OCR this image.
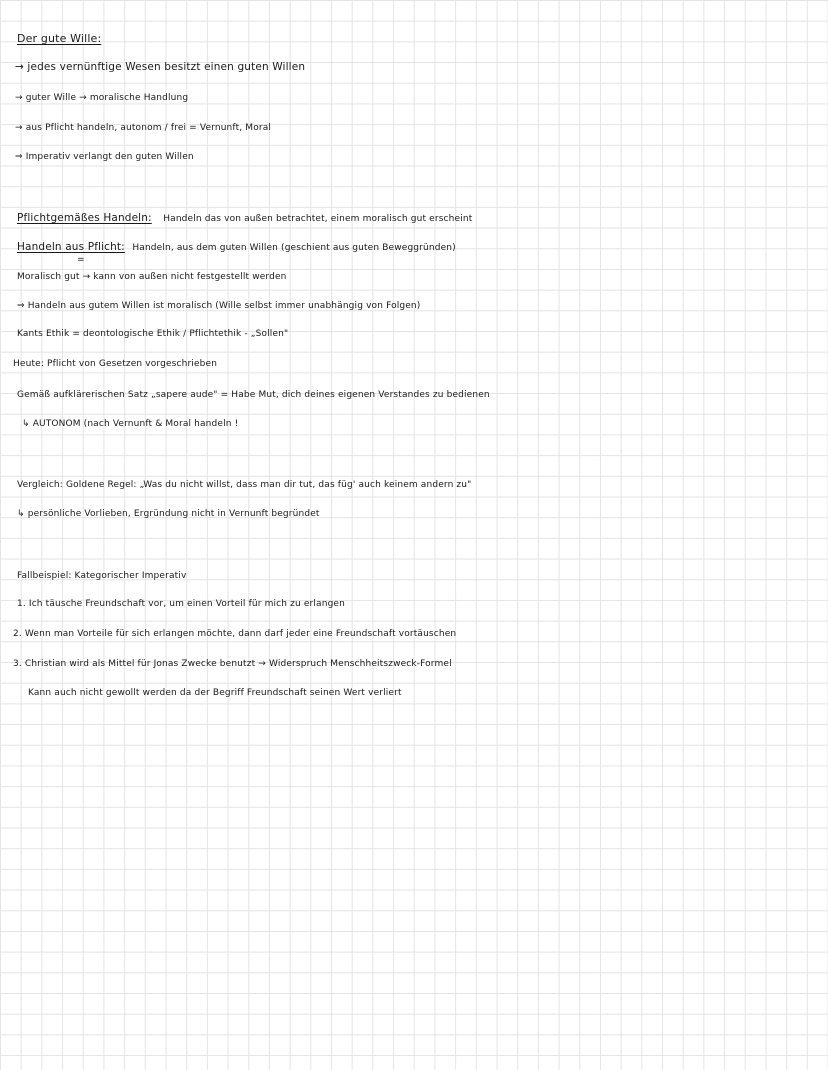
Der gute Wille:
→ jedes vernünftige Wesen besitzt einen guten Willen
→ guter Wille → moralische Handlung
→ aus Pflicht handeln, autonom / frei = Vernunft, Moral
⇒ Imperativ verlangt den guten Willen
Pflichtgemäßes Handeln: Handeln das von außen betrachtet, einem moralisch gut erscheint
Handeln aus Pflicht: Handeln, aus dem guten Willen (geschient aus guten Beweggründen)
=
Moralisch gut → kann von außen nicht festgestellt werden
⇒ Handeln aus gutem Willen ist moralisch (Wille selbst immer unabhängig von Folgen)
Kants Ethik = deontologische Ethik / Pflichtethik - „Sollen"
Heute: Pflicht von Gesetzen vorgeschrieben
Gemäß aufklärerischen Satz „sapere aude" = Habe Mut, dich deines eigenen Verstandes zu bedienen
↳ AUTONOM (nach Vernunft & Moral handeln !
Vergleich: Goldene Regel: „Was du nicht willst, dass man dir tut, das füg' auch keinem andern zu"
↳ persönliche Vorlieben, Ergründung nicht in Vernunft begründet
Fallbeispiel: Kategorischer Imperativ
1. Ich täusche Freundschaft vor, um einen Vorteil für mich zu erlangen
2. Wenn man Vorteile für sich erlangen möchte, dann darf jeder eine Freundschaft vortäuschen
3. Christian wird als Mittel für Jonas Zwecke benutzt → Widerspruch Menschheitszweck-Formel
Kann auch nicht gewollt werden da der Begriff Freundschaft seinen Wert verliert
